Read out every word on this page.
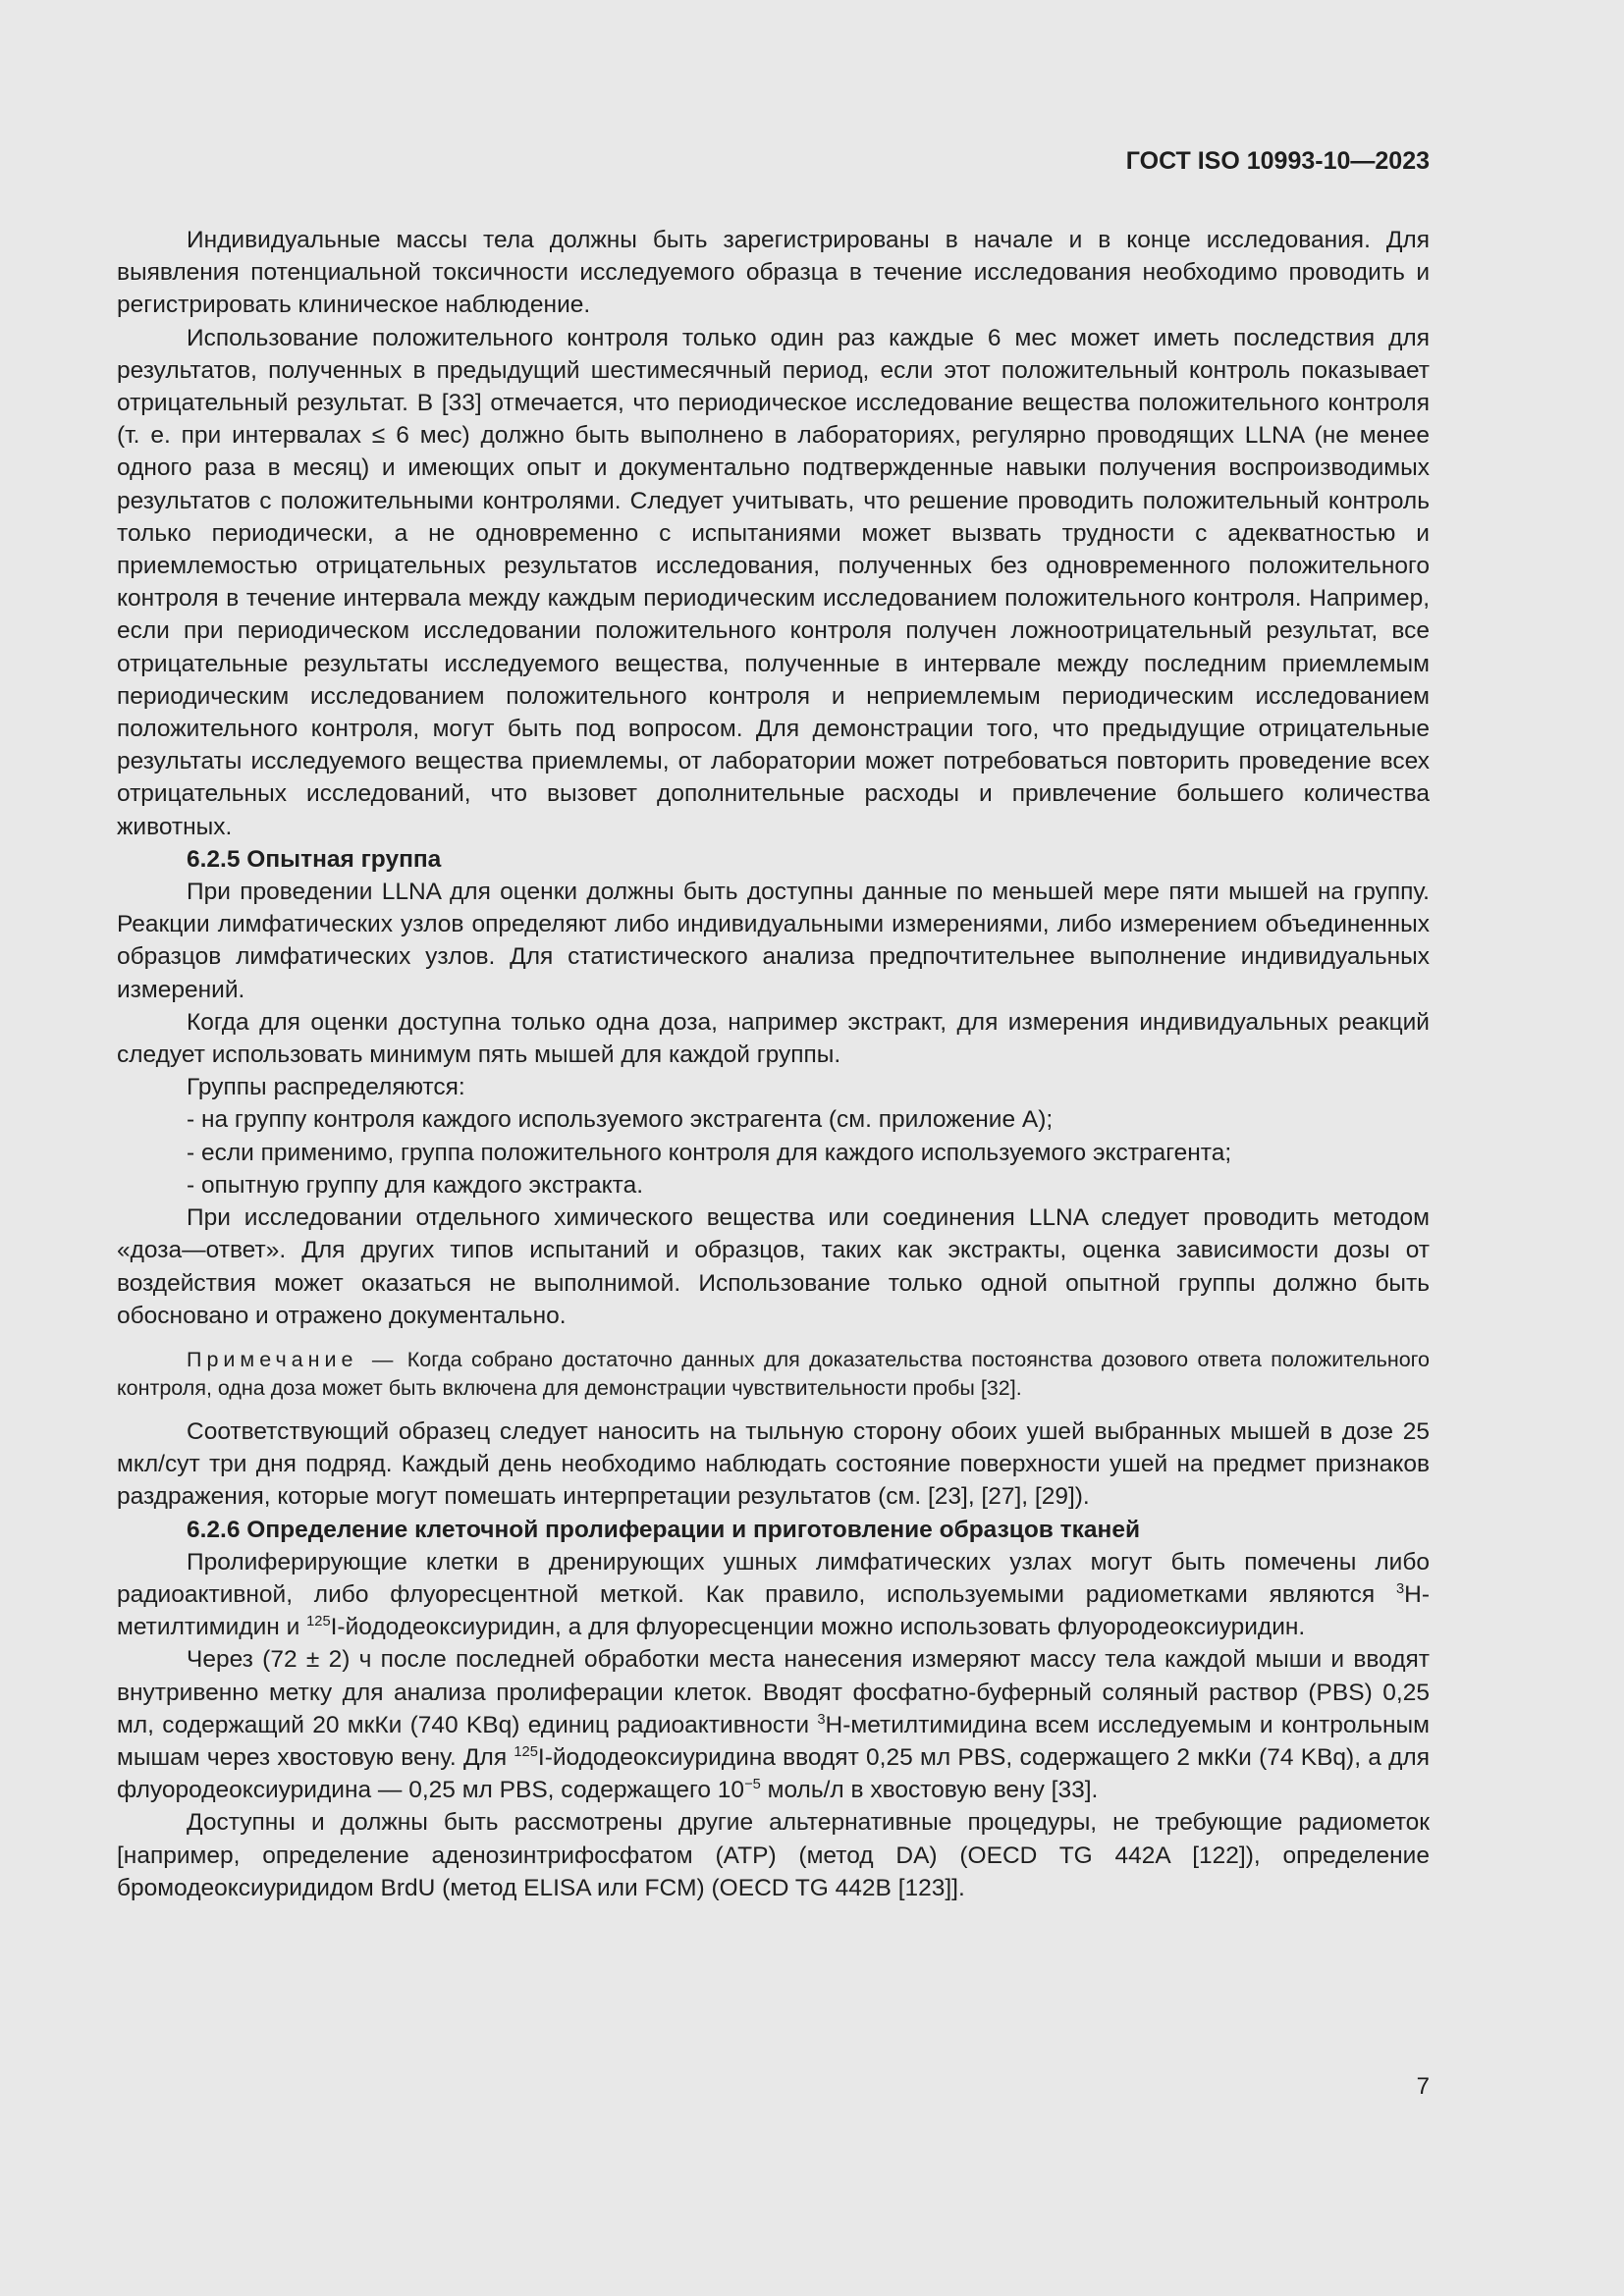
ГОСТ ISO 10993-10—2023

Индивидуальные массы тела должны быть зарегистрированы в начале и в конце исследования. Для выявления потенциальной токсичности исследуемого образца в течение исследования необходимо проводить и регистрировать клиническое наблюдение.

Использование положительного контроля только один раз каждые 6 мес может иметь последствия для результатов, полученных в предыдущий шестимесячный период, если этот положительный контроль показывает отрицательный результат. В [33] отмечается, что периодическое исследование вещества положительного контроля (т. е. при интервалах ≤ 6 мес) должно быть выполнено в лабораториях, регулярно проводящих LLNA (не менее одного раза в месяц) и имеющих опыт и документально подтвержденные навыки получения воспроизводимых результатов с положительными контролями. Следует учитывать, что решение проводить положительный контроль только периодически, а не одновременно с испытаниями может вызвать трудности с адекватностью и приемлемостью отрицательных результатов исследования, полученных без одновременного положительного контроля в течение интервала между каждым периодическим исследованием положительного контроля. Например, если при периодическом исследовании положительного контроля получен ложноотрицательный результат, все отрицательные результаты исследуемого вещества, полученные в интервале между последним приемлемым периодическим исследованием положительного контроля и неприемлемым периодическим исследованием положительного контроля, могут быть под вопросом. Для демонстрации того, что предыдущие отрицательные результаты исследуемого вещества приемлемы, от лаборатории может потребоваться повторить проведение всех отрицательных исследований, что вызовет дополнительные расходы и привлечение большего количества животных.

6.2.5 Опытная группа

При проведении LLNA для оценки должны быть доступны данные по меньшей мере пяти мышей на группу. Реакции лимфатических узлов определяют либо индивидуальными измерениями, либо измерением объединенных образцов лимфатических узлов. Для статистического анализа предпочтительнее выполнение индивидуальных измерений.

Когда для оценки доступна только одна доза, например экстракт, для измерения индивидуальных реакций следует использовать минимум пять мышей для каждой группы.

Группы распределяются:

- на группу контроля каждого используемого экстрагента (см. приложение А);
- если применимо, группа положительного контроля для каждого используемого экстрагента;
- опытную группу для каждого экстракта.

При исследовании отдельного химического вещества или соединения LLNA следует проводить методом «доза—ответ». Для других типов испытаний и образцов, таких как экстракты, оценка зависимости дозы от воздействия может оказаться не выполнимой. Использование только одной опытной группы должно быть обосновано и отражено документально.

Примечание — Когда собрано достаточно данных для доказательства постоянства дозового ответа положительного контроля, одна доза может быть включена для демонстрации чувствительности пробы [32].

Соответствующий образец следует наносить на тыльную сторону обоих ушей выбранных мышей в дозе 25 мкл/сут три дня подряд. Каждый день необходимо наблюдать состояние поверхности ушей на предмет признаков раздражения, которые могут помешать интерпретации результатов (см. [23], [27], [29]).

6.2.6 Определение клеточной пролиферации и приготовление образцов тканей

Пролиферирующие клетки в дренирующих ушных лимфатических узлах могут быть помечены либо радиоактивной, либо флуоресцентной меткой. Как правило, используемыми радиометками являются $^3$H-метилтимидин и $^{125}$I-йододеоксиуридин, а для флуоресценции можно использовать флуородеоксиуридин.

Через (72 ± 2) ч после последней обработки места нанесения измеряют массу тела каждой мыши и вводят внутривенно метку для анализа пролиферации клеток. Вводят фосфатно-буферный соляный раствор (PBS) 0,25 мл, содержащий 20 мкКи (740 KBq) единиц радиоактивности $^3$H-метилтимидина всем исследуемым и контрольным мышам через хвостовую вену. Для $^{125}$I-йододеоксиуридина вводят 0,25 мл PBS, содержащего 2 мкКи (74 KBq), а для флуородеоксиуридина — 0,25 мл PBS, содержащего $10^{-5}$ моль/л в хвостовую вену [33].

Доступны и должны быть рассмотрены другие альтернативные процедуры, не требующие радиометок [например, определение аденозинтрифосфатом (ATP) (метод DA) (OECD TG 442A [122]), определение бромодеоксиуридидом BrdU (метод ELISA или FCM) (OECD TG 442B [123]].

7
